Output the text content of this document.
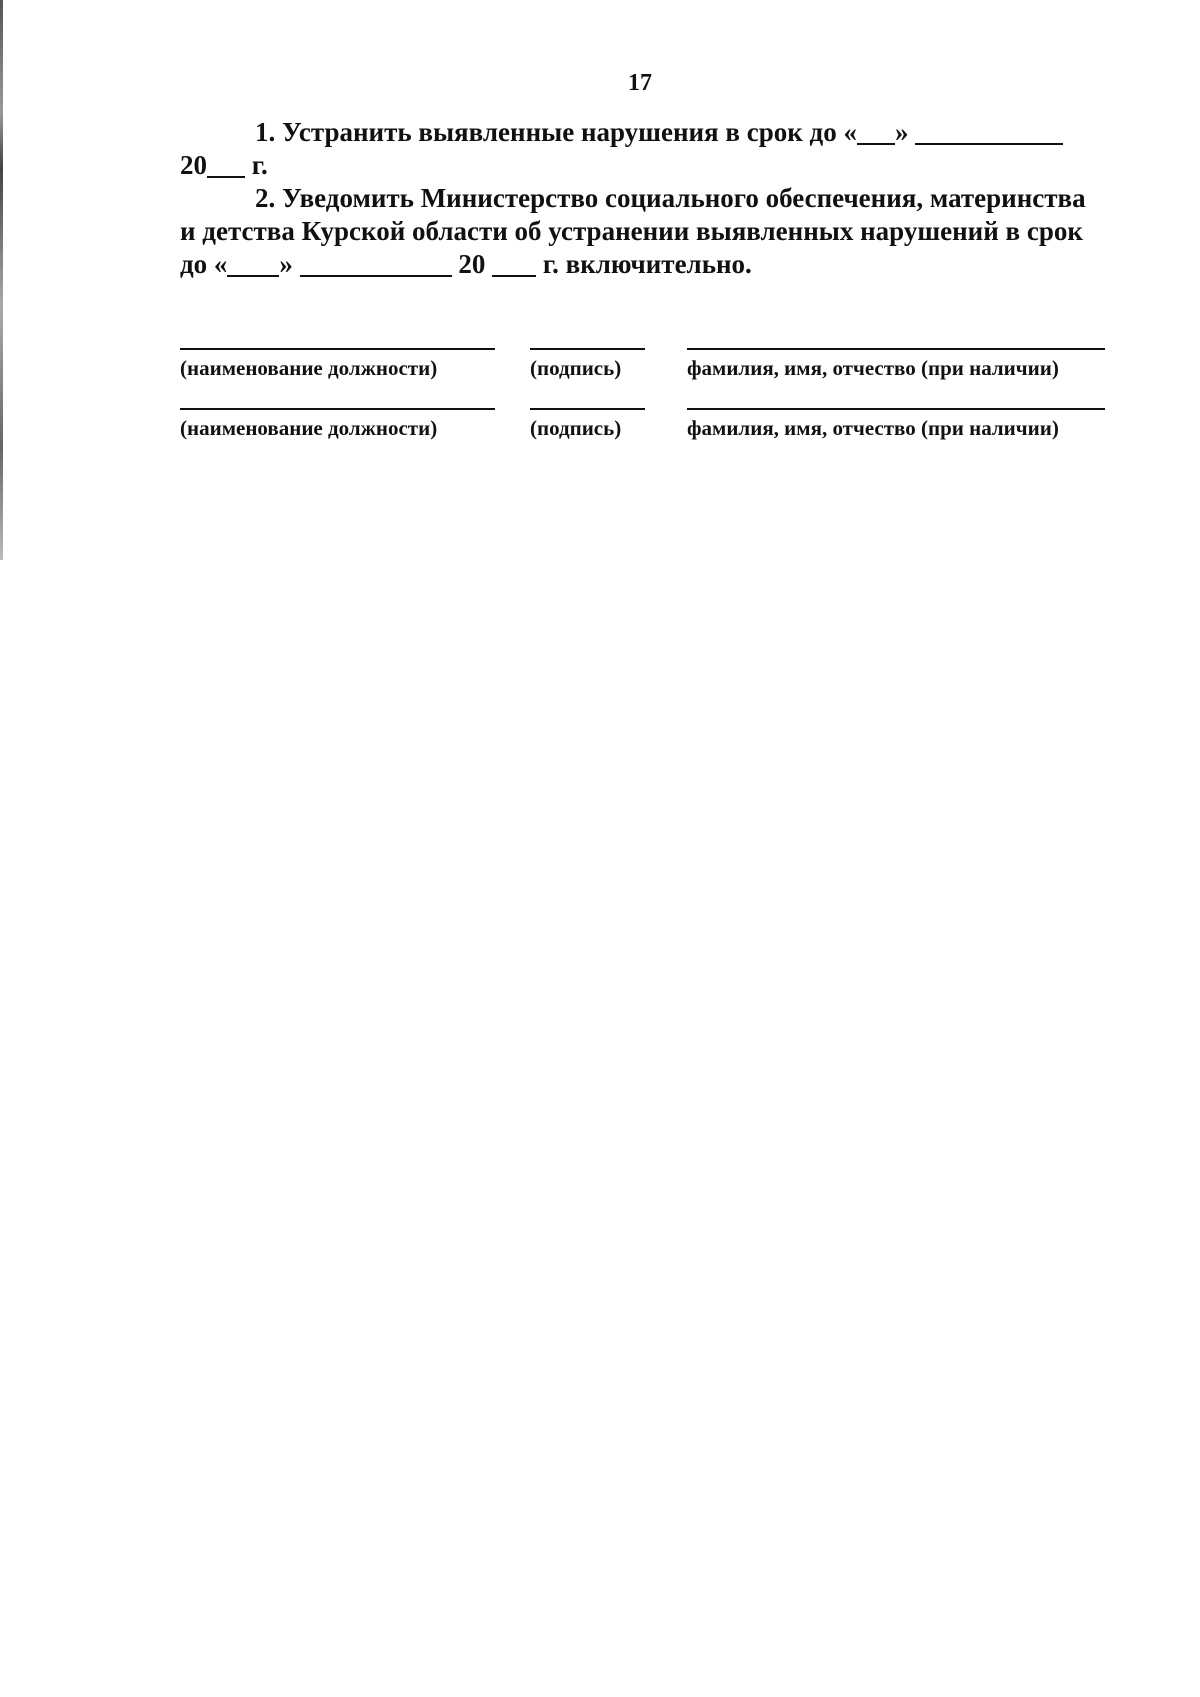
17
1. Устранить выявленные нарушения в срок до « »
20 г.
2. Уведомить Министерство социального обеспечения, материнства
и детства Курской области об устранении выявленных нарушений в срок
до « »	20  г. включительно.
(наименование должности)	(подпись)	фамилия, имя, отчество (при наличии)
(наименование должности)	(подпись)	фамилия, имя, отчество (при наличии)
